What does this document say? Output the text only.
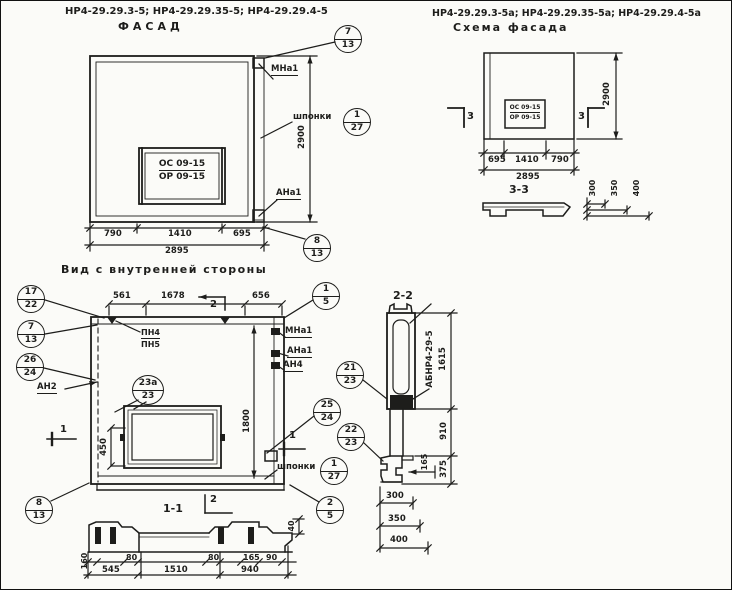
НР4-29.29.3-5; НР4-29.29.35-5; НР4-29.29.4-5
ФАСАД
ОС 09-15
ОР 09-15
МНа1
шпонки
АНа1
790	1410	695
2895
2900
7
13
1
27
8
13
НР4-29.29.3-5а; НР4-29.29.35-5а; НР4-29.29.4-5а
Схема фасада
ОС 09-15
ОР 09-15
3	3
695 1410 790
2895
2900
3-3	300 350 400
Вид с внутренней стороны
561	1678	656
2
2
1
1
ПН4
ПН5
МНа1
АНа1
АН4
АН2
шпонки
450
1800
40
17
22
7
13
26
24
8
13
23а
23
1
5
25
24
1
27
2
5
1-1
160	80	80	165 90
545	1510	940
2-2
АБНР4-29-5 1615
910
375
165
300
350
400
21
23
22
23
